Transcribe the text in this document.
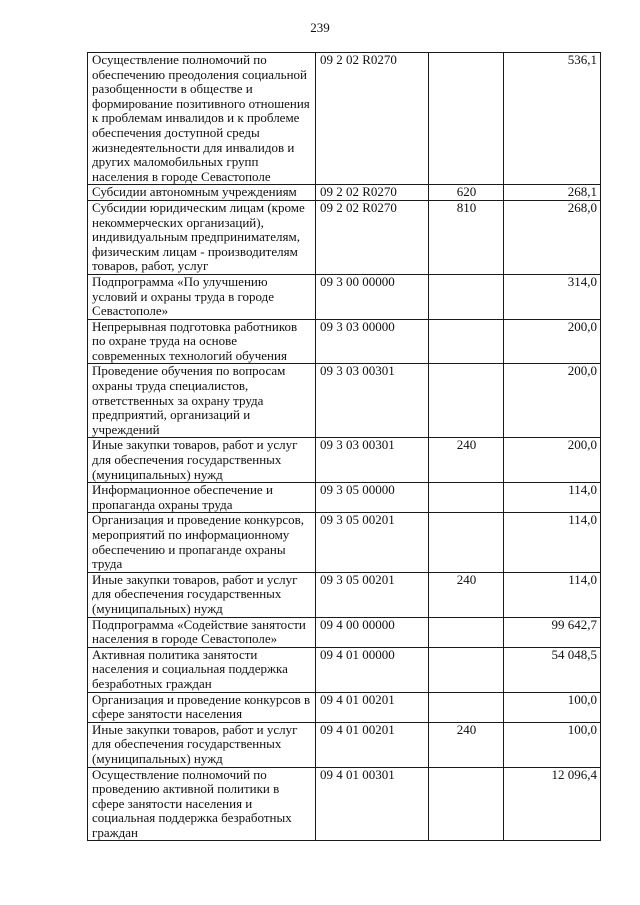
239
Осуществление полномочий по обеспечению преодоления социальной разобщенности в обществе и формирование позитивного отношения к проблемам инвалидов и к проблеме обеспечения доступной среды жизнедеятельности для инвалидов и других маломобильных групп населения в городе Севастополе	09 2 02 R0270		536,1
Субсидии автономным учреждениям	09 2 02 R0270	620	268,1
Субсидии юридическим лицам (кроме некоммерческих организаций), индивидуальным предпринимателям, физическим лицам - производителям товаров, работ, услуг	09 2 02 R0270	810	268,0
Подпрограмма «По улучшению условий и охраны труда в городе Севастополе»	09 3 00 00000		314,0
Непрерывная подготовка работников по охране труда на основе современных технологий обучения	09 3 03 00000		200,0
Проведение обучения по вопросам охраны труда специалистов, ответственных за охрану труда предприятий, организаций и учреждений	09 3 03 00301		200,0
Иные закупки товаров, работ и услуг для обеспечения государственных (муниципальных) нужд	09 3 03 00301	240	200,0
Информационное обеспечение и пропаганда охраны труда	09 3 05 00000		114,0
Организация и проведение конкурсов, мероприятий по информационному обеспечению и пропаганде охраны труда	09 3 05 00201		114,0
Иные закупки товаров, работ и услуг для обеспечения государственных (муниципальных) нужд	09 3 05 00201	240	114,0
Подпрограмма «Содействие занятости населения в городе Севастополе»	09 4 00 00000		99 642,7
Активная политика занятости населения и социальная поддержка безработных граждан	09 4 01 00000		54 048,5
Организация и проведение конкурсов в сфере занятости населения	09 4 01 00201		100,0
Иные закупки товаров, работ и услуг для обеспечения государственных (муниципальных) нужд	09 4 01 00201	240	100,0
Осуществление полномочий по проведению активной политики в сфере занятости населения и социальная поддержка безработных граждан	09 4 01 00301		12 096,4
